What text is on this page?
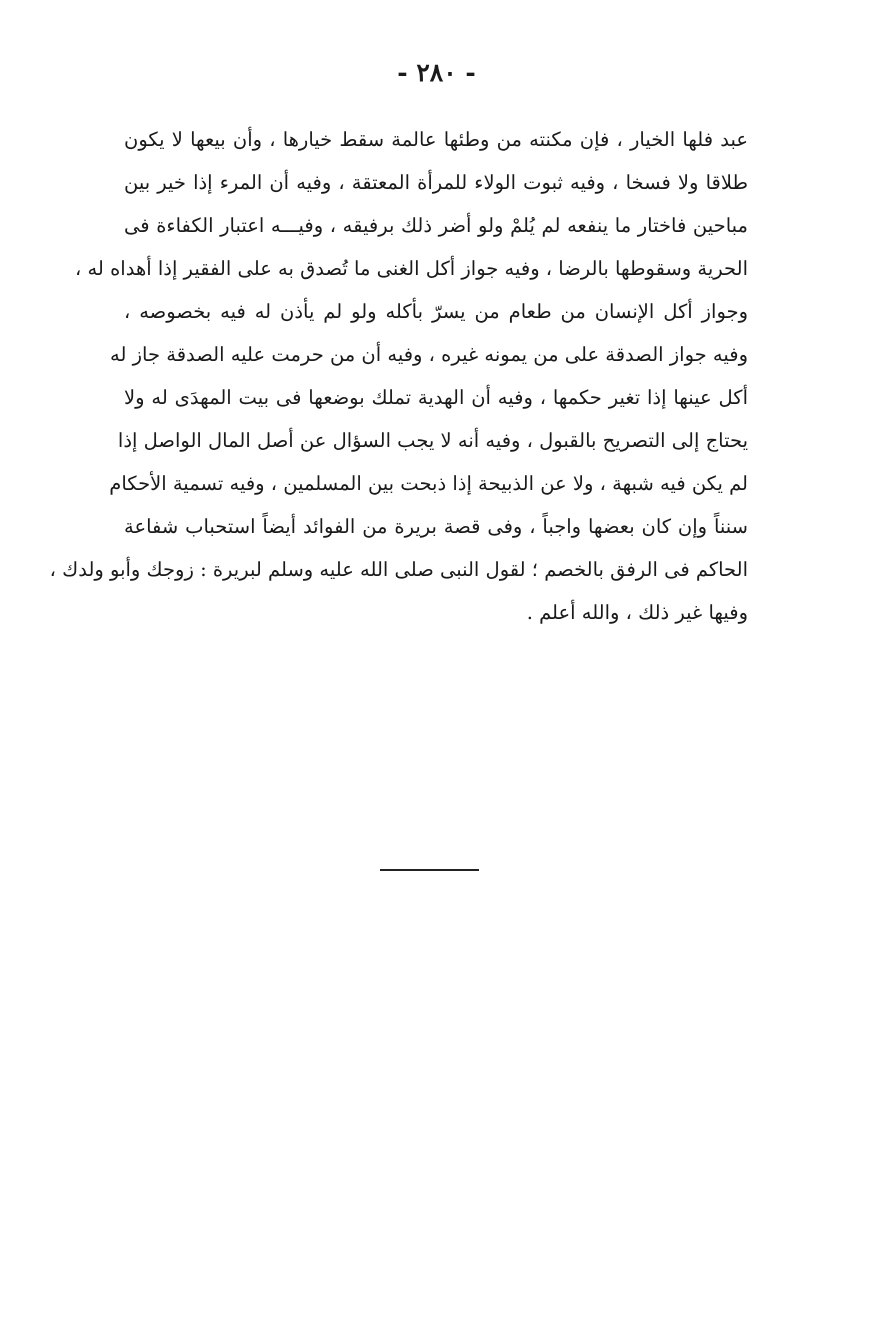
- ٢٨٠ -
عبد فلها الخيار ، فإن مكنته من وطئها عالمة سقط خيارها ، وأن بيعها لا يكون
طلاقا ولا فسخا ، وفيه ثبوت الولاء للمرأة المعتقة ، وفيه أن المرء إذا خير بين
مباحين فاختار ما ينفعه لم يُلمْ ولو أضر ذلك برفيقه ، وفيـــه اعتبار الكفاءة فى
الحرية وسقوطها بالرضا ، وفيه جواز أكل الغنى ما تُصدق به على الفقير إذا أهداه له ،
وجواز أكل الإنسان من طعام من يسرّ بأكله ولو لم يأذن له فيه بخصوصه ،
وفيه جواز الصدقة على من يمونه غيره ، وفيه أن من حرمت عليه الصدقة جاز له
أكل عينها إذا تغير حكمها ، وفيه أن الهدية تملك بوضعها فى بيت المهدَى له ولا
يحتاج إلى التصريح بالقبول ، وفيه أنه لا يجب السؤال عن أصل المال الواصل إذا
لم يكن فيه شبهة ، ولا عن الذبيحة إذا ذبحت بين المسلمين ، وفيه تسمية الأحكام
سنناً وإن كان بعضها واجباً ، وفى قصة بريرة من الفوائد أيضاً استحباب شفاعة
الحاكم فى الرفق بالخصم ؛ لقول النبى صلى الله عليه وسلم لبريرة : زوجك وأبو ولدك ،
وفيها غير ذلك ، والله أعلم .
